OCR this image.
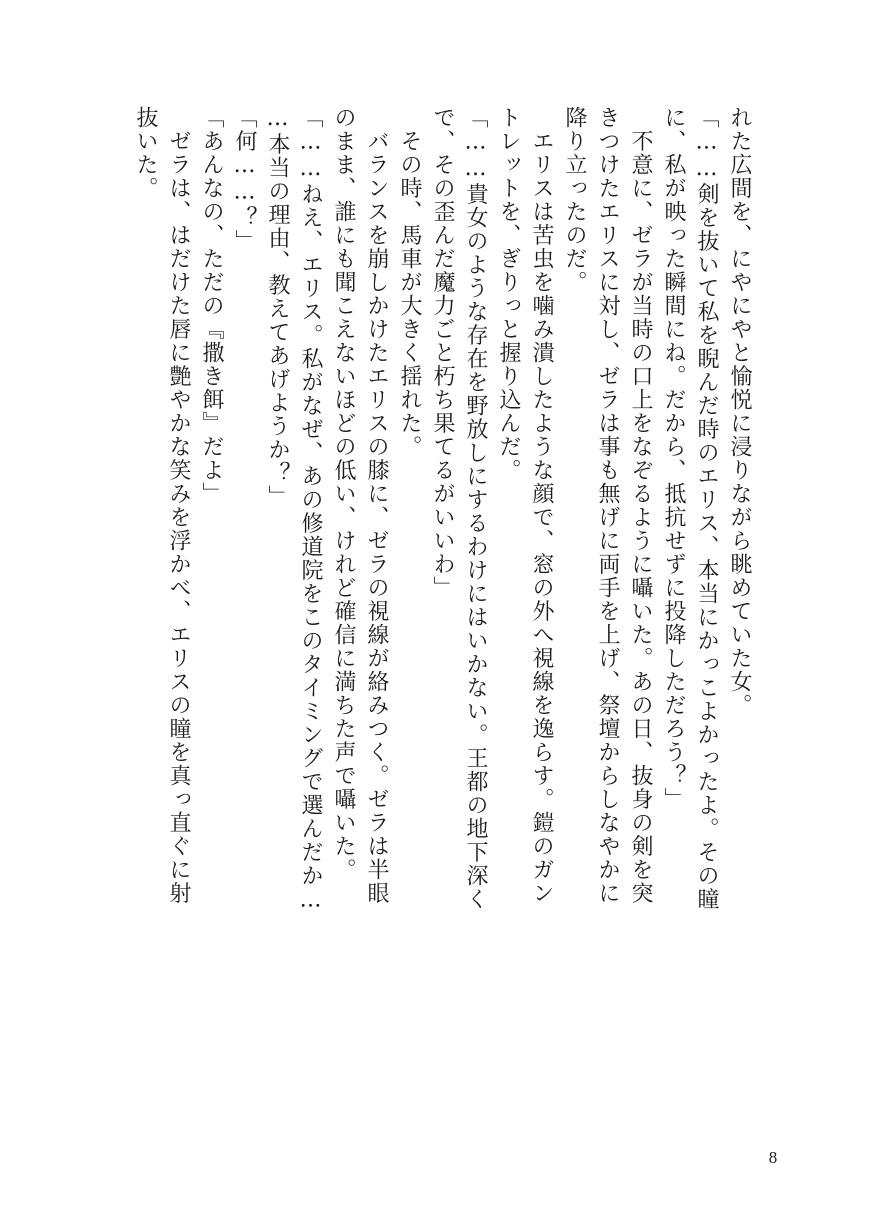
れた広間を、にやにやと愉悦に浸りながら眺めていた女。
「……剣を抜いて私を睨んだ時のエリス、本当にかっこよかったよ。その瞳
に、私が映った瞬間にね。だから、抵抗せずに投降しただろう？」
　不意に、ゼラが当時の口上をなぞるように囁いた。あの日、抜身の剣を突
きつけたエリスに対し、ゼラは事も無げに両手を上げ、祭壇からしなやかに
降り立ったのだ。
　エリスは苦虫を噛み潰したような顔で、窓の外へ視線を逸らす。鎧のガン
トレットを、ぎりっと握り込んだ。
「……貴女のような存在を野放しにするわけにはいかない。王都の地下深く
で、その歪んだ魔力ごと朽ち果てるがいいわ」
　その時、馬車が大きく揺れた。
　バランスを崩しかけたエリスの膝に、ゼラの視線が絡みつく。ゼラは半眼
のまま、誰にも聞こえないほどの低い、けれど確信に満ちた声で囁いた。
「……ねえ、エリス。私がなぜ、あの修道院をこのタイミングで選んだか…
…本当の理由、教えてあげようか？」
「何……？」
「あんなの、ただの『撒き餌』だよ」
　ゼラは、はだけた唇に艶やかな笑みを浮かべ、エリスの瞳を真っ直ぐに射
抜いた。
8
